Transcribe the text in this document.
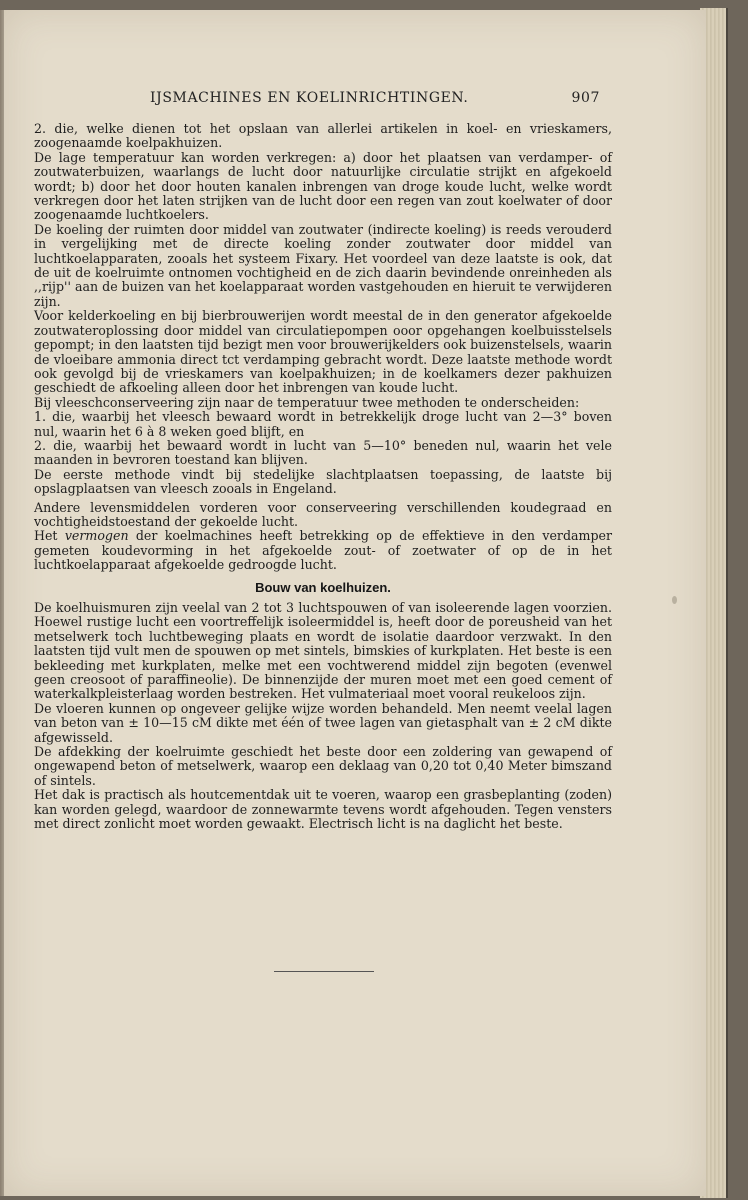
IJSMACHINES EN KOELINRICHTINGEN.	907

2. die, welke dienen tot het opslaan van allerlei artikelen in koel- en vrieskamers, zoogenaamde koelpakhuizen.

De lage temperatuur kan worden verkregen: a) door het plaatsen van verdamper- of zoutwaterbuizen, waarlangs de lucht door natuurlijke circulatie strijkt en afgekoeld wordt; b) door het door houten kanalen inbrengen van droge koude lucht, welke wordt verkregen door het laten strijken van de lucht door een regen van zout koelwater of door zoogenaamde luchtkoelers.

De koeling der ruimten door middel van zoutwater (indirecte koeling) is reeds verouderd in vergelijking met de directe koeling zonder zoutwater door middel van luchtkoelapparaten, zooals het systeem Fixary. Het voordeel van deze laatste is ook, dat de uit de koelruimte ontnomen vochtigheid en de zich daarin bevindende onreinheden als ,,rijp'' aan de buizen van het koelapparaat worden vastgehouden en hieruit te verwijderen zijn.

Voor kelderkoeling en bij bierbrouwerijen wordt meestal de in den generator afgekoelde zoutwateroplossing door middel van circulatiepompen ooor opgehangen koelbuisstelsels gepompt; in den laatsten tijd bezigt men voor brouwerijkelders ook buizenstelsels, waarin de vloeibare ammonia direct tct verdamping gebracht wordt. Deze laatste methode wordt ook gevolgd bij de vrieskamers van koelpakhuizen; in de koelkamers dezer pakhuizen geschiedt de afkoeling alleen door het inbrengen van koude lucht.

Bij vleeschconserveering zijn naar de temperatuur twee methoden te onderscheiden:

1. die, waarbij het vleesch bewaard wordt in betrekkelijk droge lucht van 2—3° boven nul, waarin het 6 à 8 weken goed blijft, en

2. die, waarbij het bewaard wordt in lucht van 5—10° beneden nul, waarin het vele maanden in bevroren toestand kan blijven.

De eerste methode vindt bij stedelijke slachtplaatsen toepassing, de laatste bij opslagplaatsen van vleesch zooals in Engeland.

Andere levensmiddelen vorderen voor conserveering verschillenden koudegraad en vochtigheidstoestand der gekoelde lucht.

Het vermogen der koelmachines heeft betrekking op de effektieve in den verdamper gemeten koudevorming in het afgekoelde zout- of zoetwater of op de in het luchtkoelapparaat afgekoelde gedroogde lucht.

Bouw van koelhuizen.

De koelhuismuren zijn veelal van 2 tot 3 luchtspouwen of van isoleerende lagen voorzien. Hoewel rustige lucht een voortreffelijk isoleermiddel is, heeft door de poreusheid van het metselwerk toch luchtbeweging plaats en wordt de isolatie daardoor verzwakt. In den laatsten tijd vult men de spouwen op met sintels, bimskies of kurkplaten. Het beste is een bekleeding met kurkplaten, melke met een vochtwerend middel zijn begoten (evenwel geen creosoot of paraffineolie). De binnenzijde der muren moet met een goed cement of waterkalkpleisterlaag worden bestreken. Het vulmateriaal moet vooral reukeloos zijn.

De vloeren kunnen op ongeveer gelijke wijze worden behandeld. Men neemt veelal lagen van beton van ± 10—15 cM dikte met één of twee lagen van gietasphalt van ± 2 cM dikte afgewisseld.

De afdekking der koelruimte geschiedt het beste door een zoldering van gewapend of ongewapend beton of metselwerk, waarop een deklaag van 0,20 tot 0,40 Meter bimszand of sintels.

Het dak is practisch als houtcementdak uit te voeren, waarop een grasbeplanting (zoden) kan worden gelegd, waardoor de zonnewarmte tevens wordt afgehouden. Tegen vensters met direct zonlicht moet worden gewaakt. Electrisch licht is na daglicht het beste.
